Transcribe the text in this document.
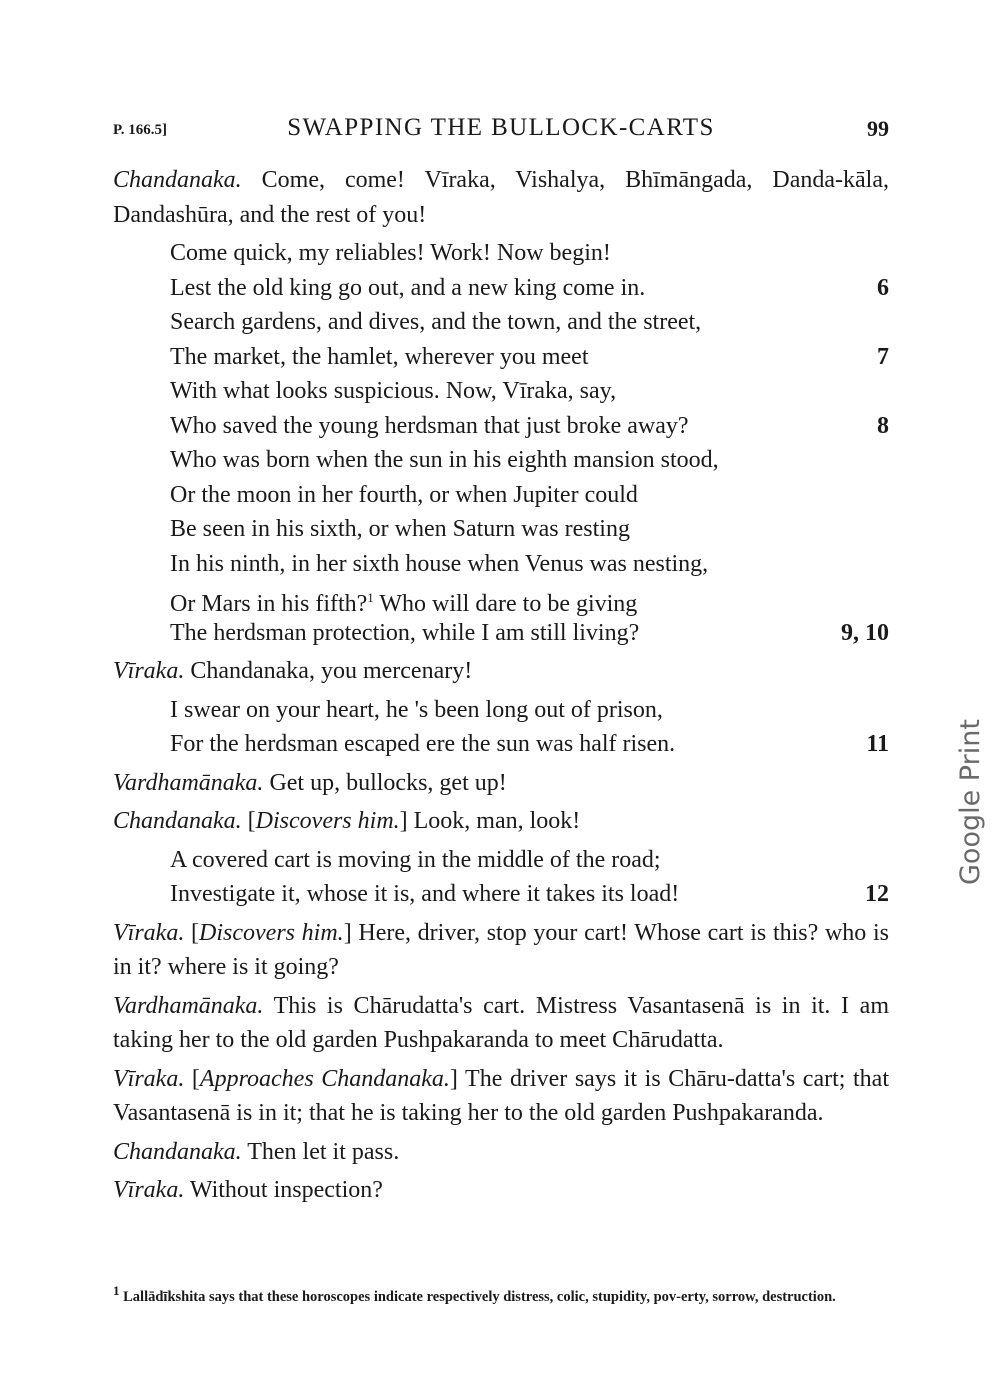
P. 166.5]	SWAPPING THE BULLOCK-CARTS	99

Chandanaka. Come, come! Vīraka, Vishalya, Bhīmāngada, Danda-kāla, Dandashūra, and the rest of you!

Come quick, my reliables! Work! Now begin!
Lest the old king go out, and a new king come in.	6
Search gardens, and dives, and the town, and the street,
The market, the hamlet, wherever you meet	7
With what looks suspicious. Now, Vīraka, say,
Who saved the young herdsman that just broke away?	8
Who was born when the sun in his eighth mansion stood,
Or the moon in her fourth, or when Jupiter could
Be seen in his sixth, or when Saturn was resting
In his ninth, in her sixth house when Venus was nesting,
Or Mars in his fifth?$^1$ Who will dare to be giving
The herdsman protection, while I am still living?	9, 10

Vīraka. Chandanaka, you mercenary!

I swear on your heart, he 's been long out of prison,
For the herdsman escaped ere the sun was half risen.	11

Vardhamānaka. Get up, bullocks, get up!

Chandanaka. [Discovers him.] Look, man, look!

A covered cart is moving in the middle of the road;
Investigate it, whose it is, and where it takes its load!	12

Vīraka. [Discovers him.] Here, driver, stop your cart! Whose cart is this? who is in it? where is it going?

Vardhamānaka. This is Chārudatta's cart. Mistress Vasantasenā is in it. I am taking her to the old garden Pushpakaranda to meet Chārudatta.

Vīraka. [Approaches Chandanaka.] The driver says it is Chāru-datta's cart; that Vasantasenā is in it; that he is taking her to the old garden Pushpakaranda.

Chandanaka. Then let it pass.

Vīraka. Without inspection?

$^1$ Lallādīkshita says that these horoscopes indicate respectively distress, colic, stupidity, pov-erty, sorrow, destruction.
Google Print
